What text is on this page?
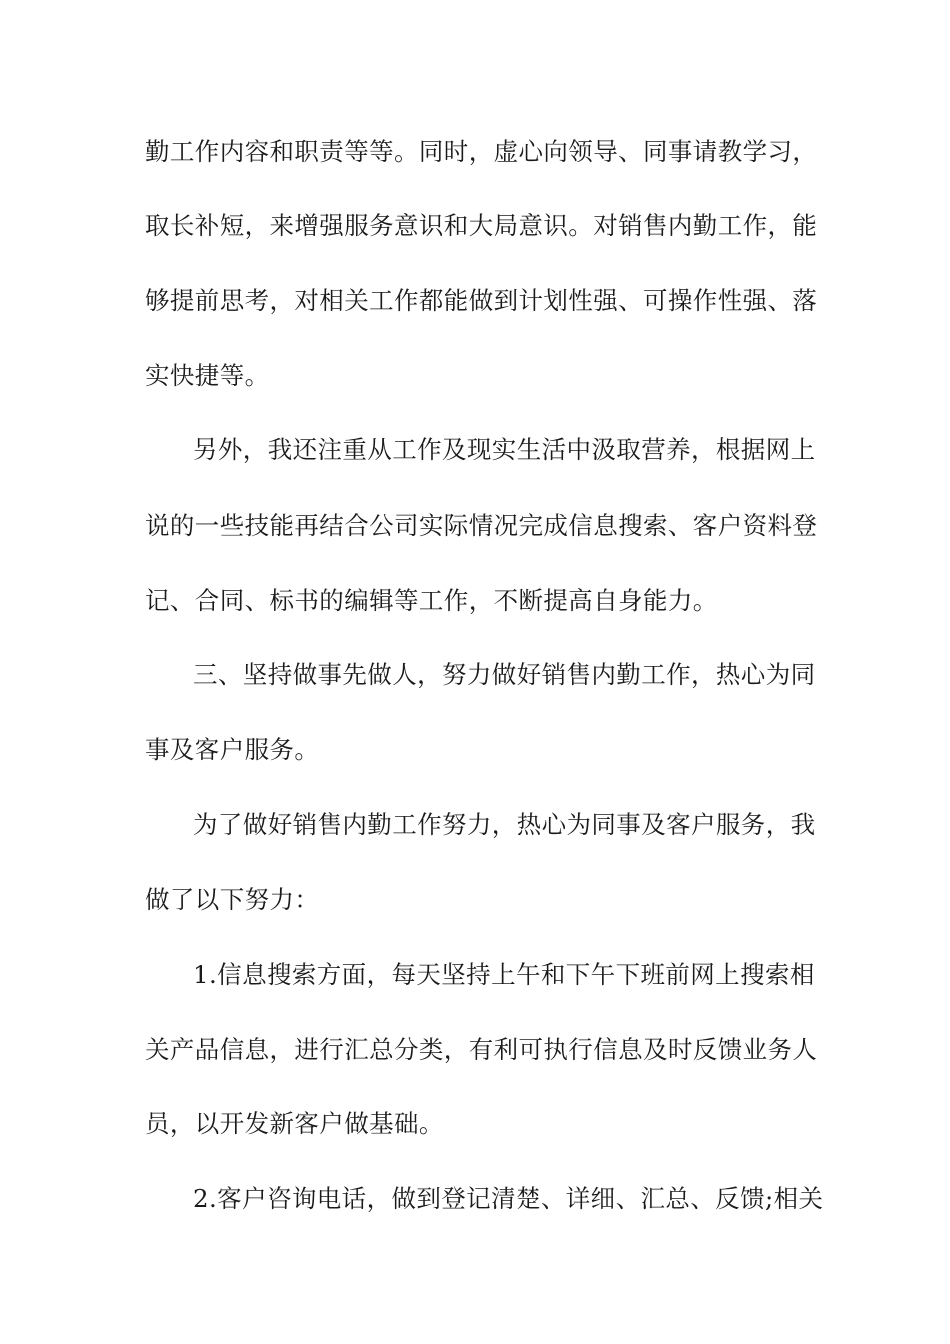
勤工作内容和职责等等。同时，虚心向领导、同事请教学习，
取长补短，来增强服务意识和大局意识。对销售内勤工作，能
够提前思考，对相关工作都能做到计划性强、可操作性强、落
实快捷等。
另外，我还注重从工作及现实生活中汲取营养，根据网上
说的一些技能再结合公司实际情况完成信息搜索、客户资料登
记、合同、标书的编辑等工作，不断提高自身能力。
三、坚持做事先做人，努力做好销售内勤工作，热心为同
事及客户服务。
为了做好销售内勤工作努力，热心为同事及客户服务，我
做了以下努力：
1.信息搜索方面，每天坚持上午和下午下班前网上搜索相
关产品信息，进行汇总分类，有利可执行信息及时反馈业务人
员，以开发新客户做基础。
2.客户咨询电话，做到登记清楚、详细、汇总、反馈;相关
